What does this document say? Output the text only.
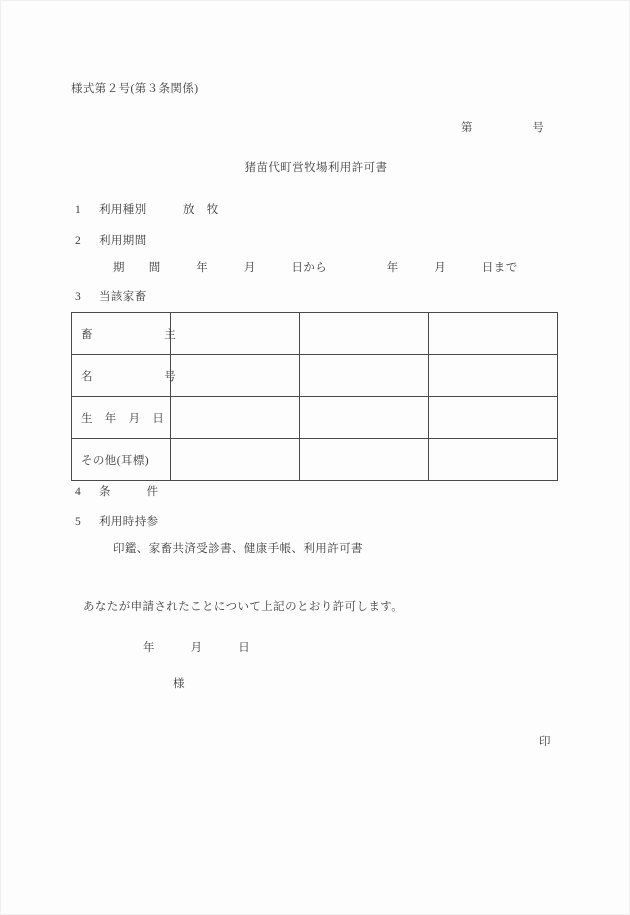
様式第２号(第３条関係)
第　　　　　号
猪苗代町営牧場利用許可書
1 利用種別	放　牧
2 利用期間
期　　間　　　年　　　月　　　日から　　　　　年　　　月　　　日まで
3 当該家畜
畜　　　　　　主			
名　　　　　　号			
生　年　月　日			
その他(耳標)			
4 条　　　件
5 利用時持参
印鑑、家畜共済受診書、健康手帳、利用許可書
あなたが申請されたことについて上記のとおり許可します。
年　　　月　　　日
様
印
